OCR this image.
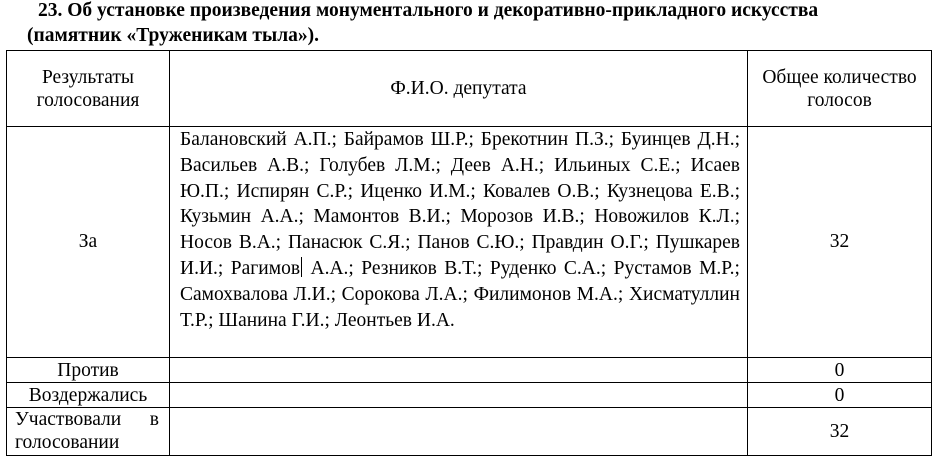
23. Об установке произведения монументального и декоративно-прикладного искусства
(памятник «Труженикам тыла»).
Результаты голосования	Ф.И.О. депутата	Общее количество голосов
За	Балановский А.П.; Байрамов Ш.Р.; Брекотнин П.З.; Буинцев Д.Н.; Васильев А.В.; Голубев Л.М.; Деев А.Н.; Ильиных С.Е.; Исаев Ю.П.; Испирян С.Р.; Иценко И.М.; Ковалев О.В.; Кузнецова Е.В.; Кузьмин А.А.; Мамонтов В.И.; Морозов И.В.; Новожилов К.Л.; Носов В.А.; Панасюк С.Я.; Панов С.Ю.; Правдин О.Г.; Пушкарев И.И.; Рагимов А.А.; Резников В.Т.; Руденко С.А.; Рустамов М.Р.; Самохвалова Л.И.; Сорокова Л.А.; Филимонов М.А.; Хисматуллин Т.Р.; Шанина Г.И.; Леонтьев И.А.	32
Против		0
Воздержались		0
Участвовали в голосовании		32
